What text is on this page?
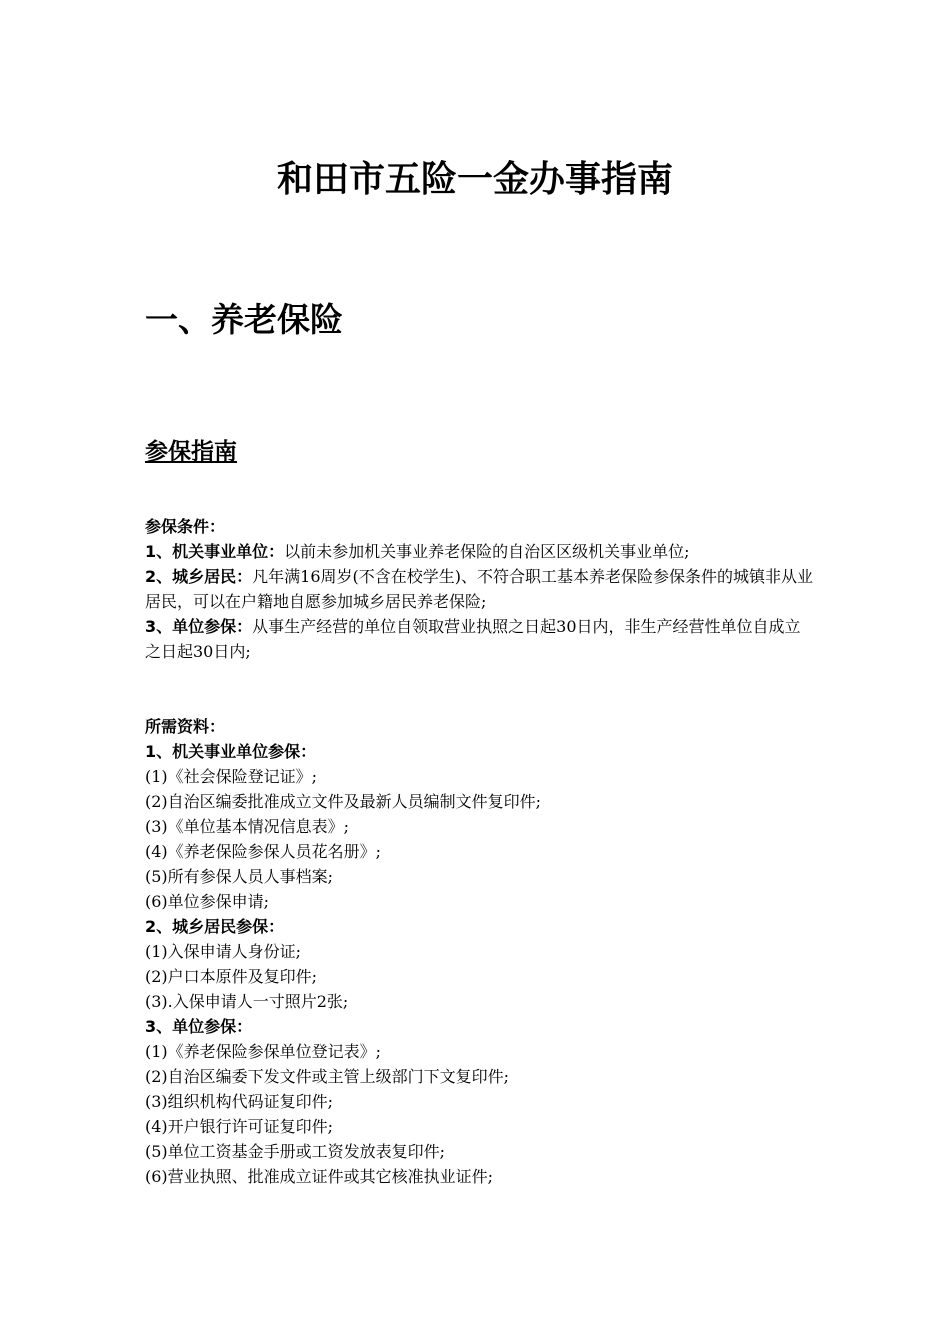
和田市五险一金办事指南
一、养老保险
参保指南
参保条件：
1、机关事业单位：以前未参加机关事业养老保险的自治区区级机关事业单位;
2、城乡居民：凡年满16周岁(不含在校学生)、不符合职工基本养老保险参保条件的城镇非从业居民，可以在户籍地自愿参加城乡居民养老保险;
3、单位参保：从事生产经营的单位自领取营业执照之日起30日内，非生产经营性单位自成立之日起30日内;
所需资料：
1、机关事业单位参保：
(1)《社会保险登记证》;
(2)自治区编委批准成立文件及最新人员编制文件复印件;
(3)《单位基本情况信息表》;
(4)《养老保险参保人员花名册》;
(5)所有参保人员人事档案;
(6)单位参保申请;
2、城乡居民参保：
(1)入保申请人身份证;
(2)户口本原件及复印件;
(3).入保申请人一寸照片2张;
3、单位参保：
(1)《养老保险参保单位登记表》;
(2)自治区编委下发文件或主管上级部门下文复印件;
(3)组织机构代码证复印件;
(4)开户银行许可证复印件;
(5)单位工资基金手册或工资发放表复印件;
(6)营业执照、批准成立证件或其它核准执业证件;
